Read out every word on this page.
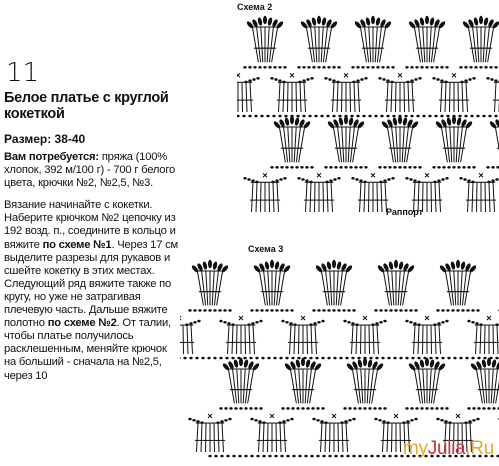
Схема 2
Раппорт
Схема 3
11
Белое платье с круглой
кокеткой
Размер: 38-40

Вам потребуется: пряжа (100% хлопок, 392 м/100 г) - 700 г белого цвета, крючки №2, №2,5, №3.

Вязание начинайте с кокетки. Наберите крючком №2 цепочку из 192 возд. п., соедините в кольцо и вяжите по схеме №1. Через 17 см выделите разрезы для рукавов и сшейте кокетку в этих местах. Следующий ряд вяжите также по кругу, но уже не затрагивая плечевую часть. Дальше вяжите полотно по схеме №2. От талии, чтобы платье получилось расклешенным, меняйте крючок на больший - сначала на №2,5, через 10

myJulia.Ru
